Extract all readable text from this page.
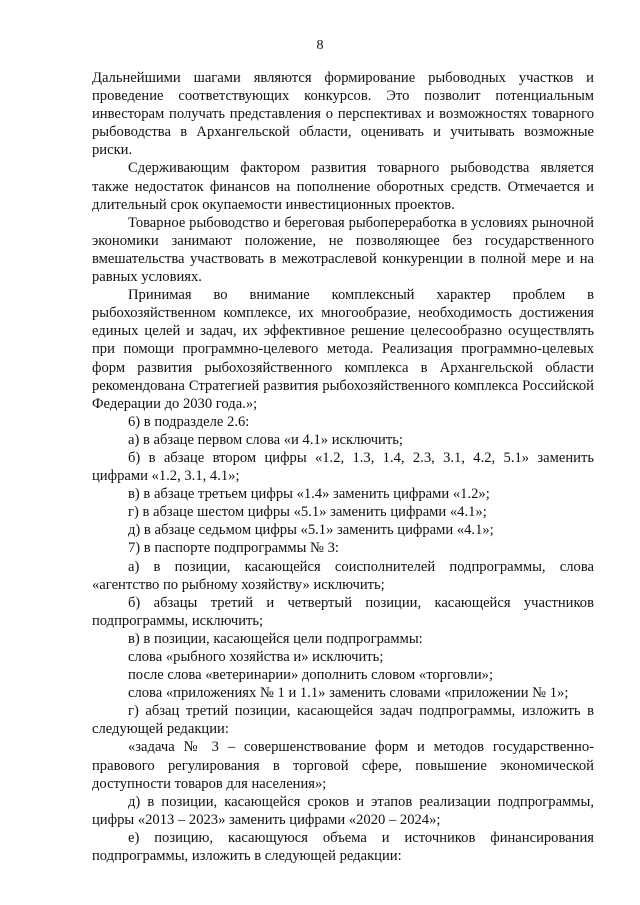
8

Дальнейшими шагами являются формирование рыбоводных участков и проведение соответствующих конкурсов. Это позволит потенциальным инвесторам получать представления о перспективах и возможностях товарного рыбоводства в Архангельской области, оценивать и учитывать возможные риски.

Сдерживающим фактором развития товарного рыбоводства является также недостаток финансов на пополнение оборотных средств. Отмечается и длительный срок окупаемости инвестиционных проектов.

Товарное рыбоводство и береговая рыбопереработка в условиях рыночной экономики занимают положение, не позволяющее без государственного вмешательства участвовать в межотраслевой конкуренции в полной мере и на равных условиях.

Принимая во внимание комплексный характер проблем в рыбохозяйственном комплексе, их многообразие, необходимость достижения единых целей и задач, их эффективное решение целесообразно осуществлять при помощи программно-целевого метода. Реализация программно-целевых форм развития рыбохозяйственного комплекса в Архангельской области рекомендована Стратегией развития рыбохозяйственного комплекса Российской Федерации до 2030 года.»;

6) в подразделе 2.6:

а) в абзаце первом слова «и 4.1» исключить;

б) в абзаце втором цифры «1.2, 1.3, 1.4, 2.3, 3.1, 4.2, 5.1» заменить цифрами «1.2, 3.1, 4.1»;

в) в абзаце третьем цифры «1.4» заменить цифрами «1.2»;

г) в абзаце шестом цифры «5.1» заменить цифрами «4.1»;

д) в абзаце седьмом цифры «5.1» заменить цифрами «4.1»;

7) в паспорте подпрограммы № 3:

а) в позиции, касающейся соисполнителей подпрограммы, слова «агентство по рыбному хозяйству» исключить;

б) абзацы третий и четвертый позиции, касающейся участников подпрограммы, исключить;

в) в позиции, касающейся цели подпрограммы:

слова «рыбного хозяйства и» исключить;

после слова «ветеринарии» дополнить словом «торговли»;

слова «приложениях № 1 и 1.1» заменить словами «приложении № 1»;

г) абзац третий позиции, касающейся задач подпрограммы, изложить в следующей редакции:

«задача № 3 – совершенствование форм и методов государственно-правового регулирования в торговой сфере, повышение экономической доступности товаров для населения»;

д) в позиции, касающейся сроков и этапов реализации подпрограммы, цифры «2013 – 2023» заменить цифрами «2020 – 2024»;

е) позицию, касающуюся объема и источников финансирования подпрограммы, изложить в следующей редакции:
